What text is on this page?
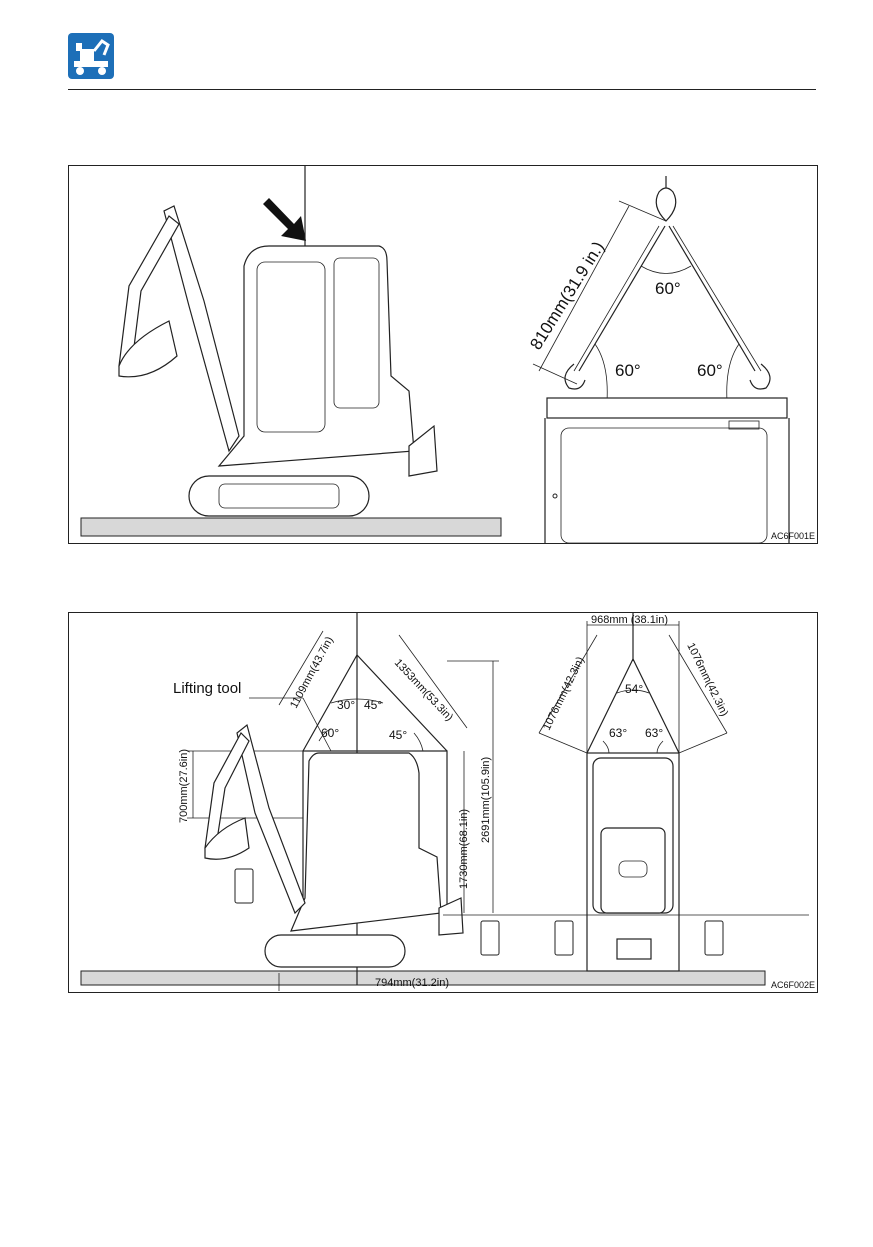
810mm(31.9 in.)	60°
60°	60°
AC6F001E
Lifting tool	1109mm(43.7in)	1353mm(53.3in)
700mm(27.6in)
1730mm(68.1in)
2691mm(105.9in)
794mm(31.2in)
968mm (38.1in)
1076mm(42.3in)	1076mm(42.3in)
30° 45°
60°	45°
54°
63° 63°
AC6F002E
